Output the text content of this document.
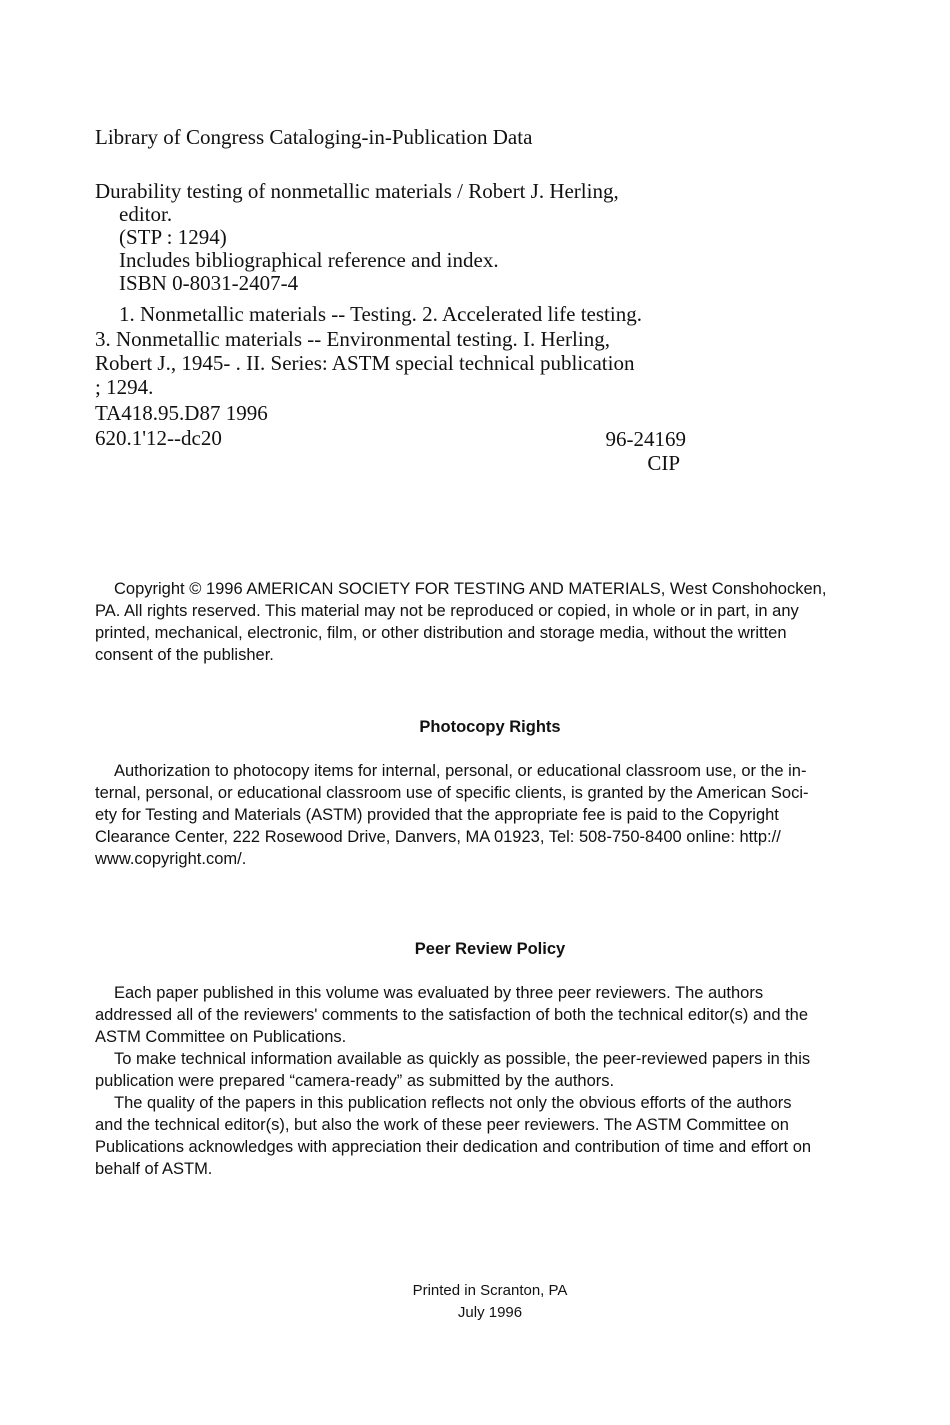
Library of Congress Cataloging-in-Publication Data
Durability testing of nonmetallic materials / Robert J. Herling,
editor.
(STP : 1294)
Includes bibliographical reference and index.
ISBN 0-8031-2407-4
1. Nonmetallic materials -- Testing. 2. Accelerated life testing.
3. Nonmetallic materials -- Environmental testing. I. Herling,
Robert J., 1945- . II. Series: ASTM special technical publication
; 1294.
TA418.95.D87 1996
620.1'12--dc20	96-24169
CIP
Copyright © 1996 AMERICAN SOCIETY FOR TESTING AND MATERIALS, West Conshohocken,
PA. All rights reserved. This material may not be reproduced or copied, in whole or in part, in any
printed, mechanical, electronic, film, or other distribution and storage media, without the written
consent of the publisher.
Photocopy Rights
Authorization to photocopy items for internal, personal, or educational classroom use, or the in-
ternal, personal, or educational classroom use of specific clients, is granted by the American Soci-
ety for Testing and Materials (ASTM) provided that the appropriate fee is paid to the Copyright
Clearance Center, 222 Rosewood Drive, Danvers, MA 01923, Tel: 508-750-8400 online: http://
www.copyright.com/.
Peer Review Policy
Each paper published in this volume was evaluated by three peer reviewers. The authors
addressed all of the reviewers' comments to the satisfaction of both the technical editor(s) and the
ASTM Committee on Publications.
To make technical information available as quickly as possible, the peer-reviewed papers in this
publication were prepared “camera-ready” as submitted by the authors.
The quality of the papers in this publication reflects not only the obvious efforts of the authors
and the technical editor(s), but also the work of these peer reviewers. The ASTM Committee on
Publications acknowledges with appreciation their dedication and contribution of time and effort on
behalf of ASTM.
Printed in Scranton, PA
July 1996
